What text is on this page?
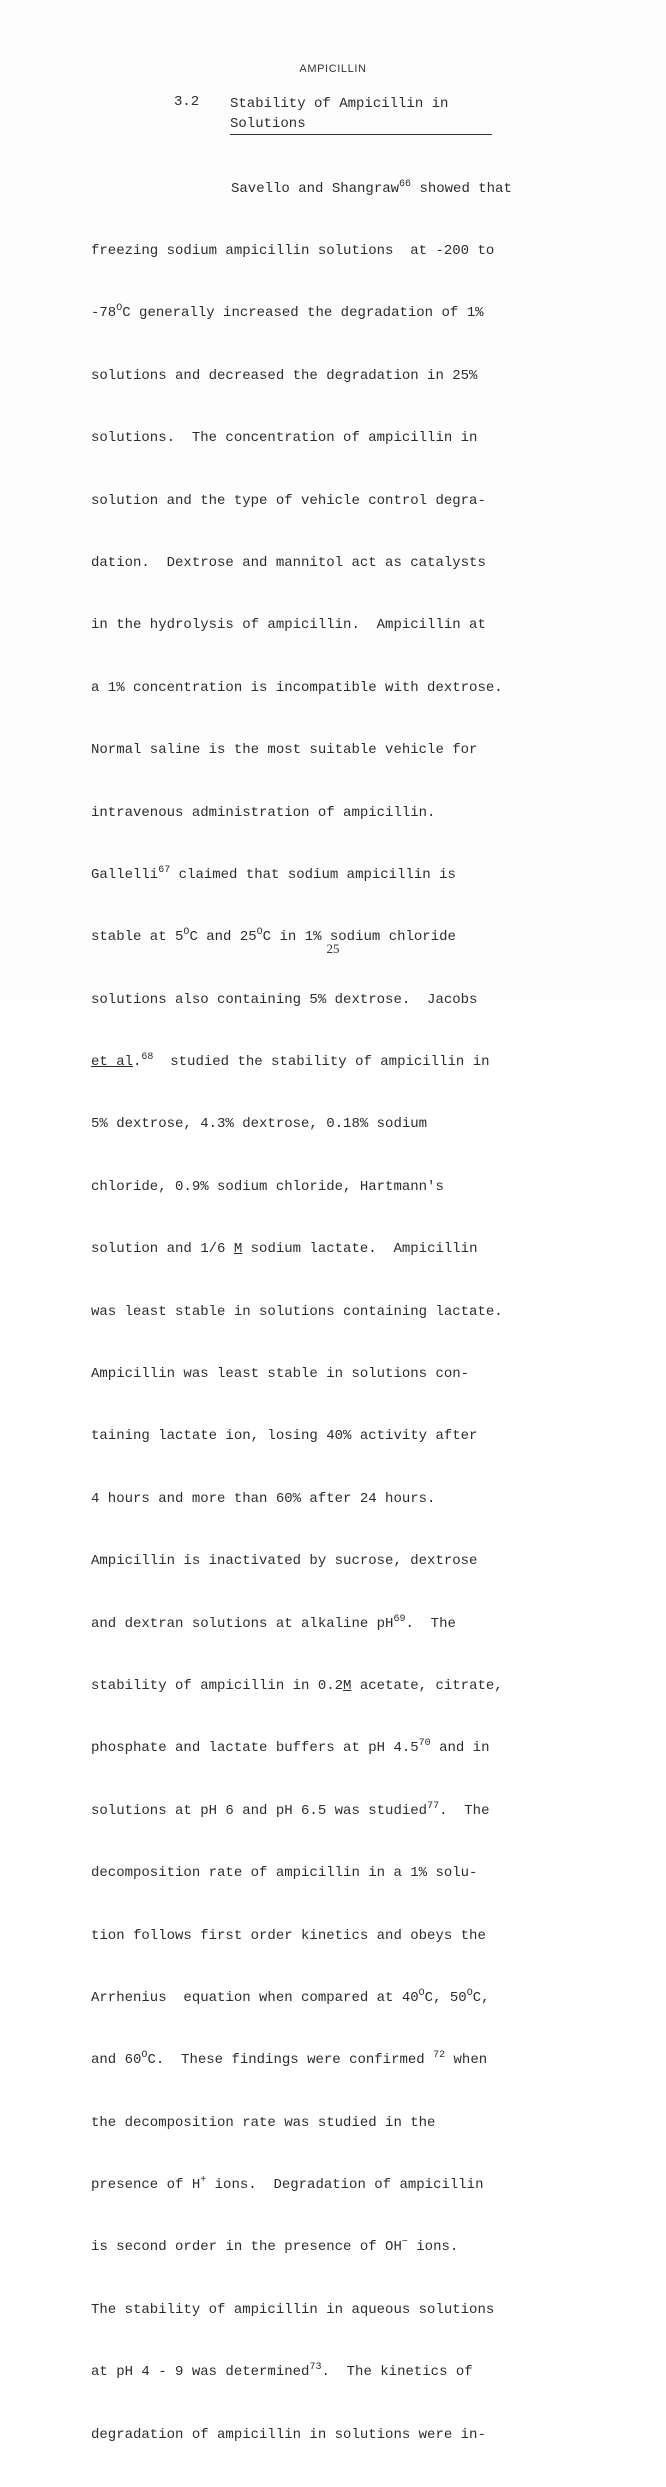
AMPICILLIN
3.2 Stability of Ampicillin in
Solutions

Savello and Shangraw$^{66}$ showed that

freezing sodium ampicillin solutions  at -200 to

$-78^OC$ generally increased the degradation of 1%

solutions and decreased the degradation in 25%

solutions.  The concentration of ampicillin in

solution and the type of vehicle control degra-

dation.  Dextrose and mannitol act as catalysts

in the hydrolysis of ampicillin.  Ampicillin at

a 1% concentration is incompatible with dextrose.

Normal saline is the most suitable vehicle for

intravenous administration of ampicillin.

Gallelli$^{67}$ claimed that sodium ampicillin is

stable at $5^OC$ and $25^OC$ in 1% sodium chloride

solutions also containing 5% dextrose.  Jacobs

et al.$^{68}$  studied the stability of ampicillin in

5% dextrose, 4.3% dextrose, 0.18% sodium

chloride, 0.9% sodium chloride, Hartmann's

solution and 1/6 M sodium lactate.  Ampicillin

was least stable in solutions containing lactate.

Ampicillin was least stable in solutions con-

taining lactate ion, losing 40% activity after

4 hours and more than 60% after 24 hours.

Ampicillin is inactivated by sucrose, dextrose

and dextran solutions at alkaline $pH^{69}$.  The

stability of ampicillin in 0.2M acetate, citrate,

phosphate and lactate buffers at pH $4.5^{70}$ and in

solutions at pH 6 and pH 6.5 was studied$^{77}$.  The

decomposition rate of ampicillin in a 1% solu-

tion follows first order kinetics and obeys the

Arrhenius  equation when compared at $40^OC$, $50^OC$,

and $60^OC$.  These findings were confirmed $^{72}$ when

the decomposition rate was studied in the

presence of H+ ions.  Degradation of ampicillin

is second order in the presence of OH− ions.

The stability of ampicillin in aqueous solutions

at pH 4 - 9 was determined$^{73}$.  The kinetics of

degradation of ampicillin in solutions were in-

25
